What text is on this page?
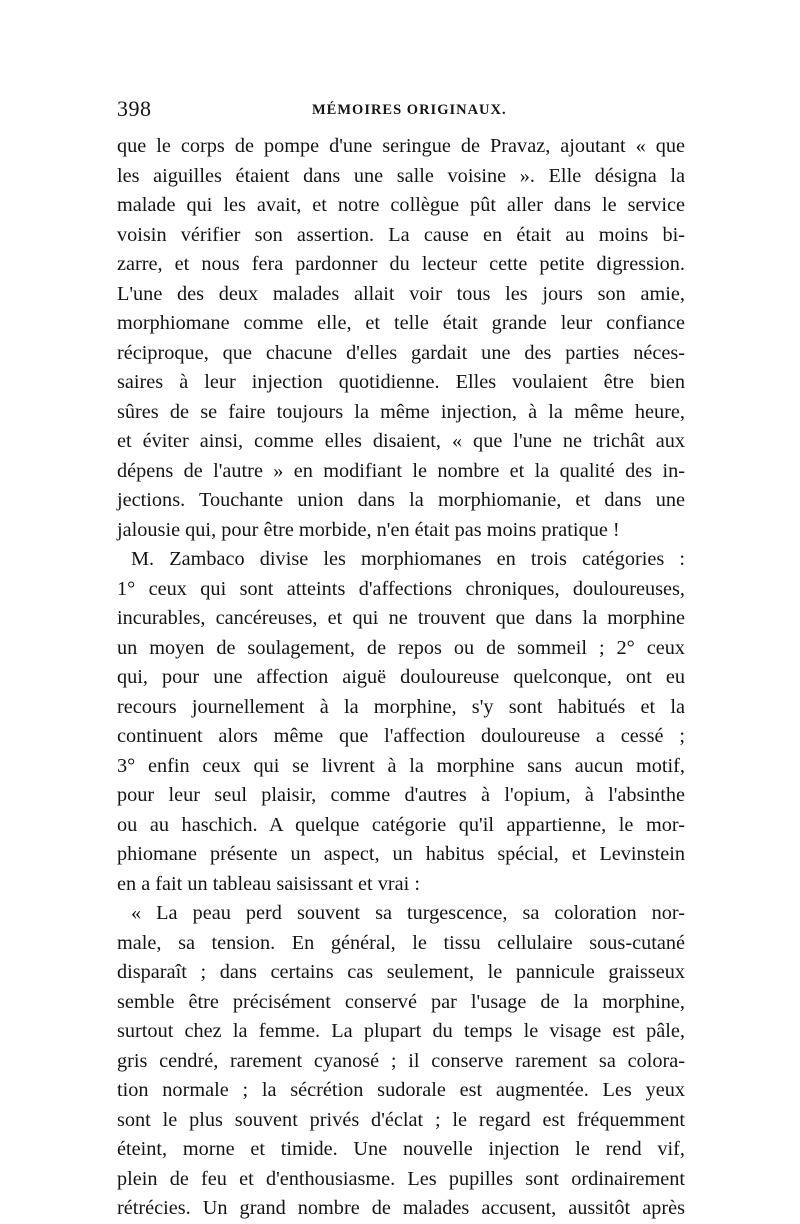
398	MÉMOIRES ORIGINAUX.
que le corps de pompe d'une seringue de Pravaz, ajoutant « que
les aiguilles étaient dans une salle voisine ». Elle désigna la
malade qui les avait, et notre collègue pût aller dans le service
voisin vérifier son assertion. La cause en était au moins bi-
zarre, et nous fera pardonner du lecteur cette petite digression.
L'une des deux malades allait voir tous les jours son amie,
morphiomane comme elle, et telle était grande leur confiance
réciproque, que chacune d'elles gardait une des parties néces-
saires à leur injection quotidienne. Elles voulaient être bien
sûres de se faire toujours la même injection, à la même heure,
et éviter ainsi, comme elles disaient, « que l'une ne trichât aux
dépens de l'autre » en modifiant le nombre et la qualité des in-
jections. Touchante union dans la morphiomanie, et dans une
jalousie qui, pour être morbide, n'en était pas moins pratique !
M. Zambaco divise les morphiomanes en trois catégories :
1° ceux qui sont atteints d'affections chroniques, douloureuses,
incurables, cancéreuses, et qui ne trouvent que dans la morphine
un moyen de soulagement, de repos ou de sommeil ; 2° ceux
qui, pour une affection aiguë douloureuse quelconque, ont eu
recours journellement à la morphine, s'y sont habitués et la
continuent alors même que l'affection douloureuse a cessé ;
3° enfin ceux qui se livrent à la morphine sans aucun motif,
pour leur seul plaisir, comme d'autres à l'opium, à l'absinthe
ou au haschich. A quelque catégorie qu'il appartienne, le mor-
phiomane présente un aspect, un habitus spécial, et Levinstein
en a fait un tableau saisissant et vrai :
« La peau perd souvent sa turgescence, sa coloration nor-
male, sa tension. En général, le tissu cellulaire sous-cutané
disparaît ; dans certains cas seulement, le pannicule graisseux
semble être précisément conservé par l'usage de la morphine,
surtout chez la femme. La plupart du temps le visage est pâle,
gris cendré, rarement cyanosé ; il conserve rarement sa colora-
tion normale ; la sécrétion sudorale est augmentée. Les yeux
sont le plus souvent privés d'éclat ; le regard est fréquemment
éteint, morne et timide. Une nouvelle injection le rend vif,
plein de feu et d'enthousiasme. Les pupilles sont ordinairement
rétrécies. Un grand nombre de malades accusent, aussitôt après
